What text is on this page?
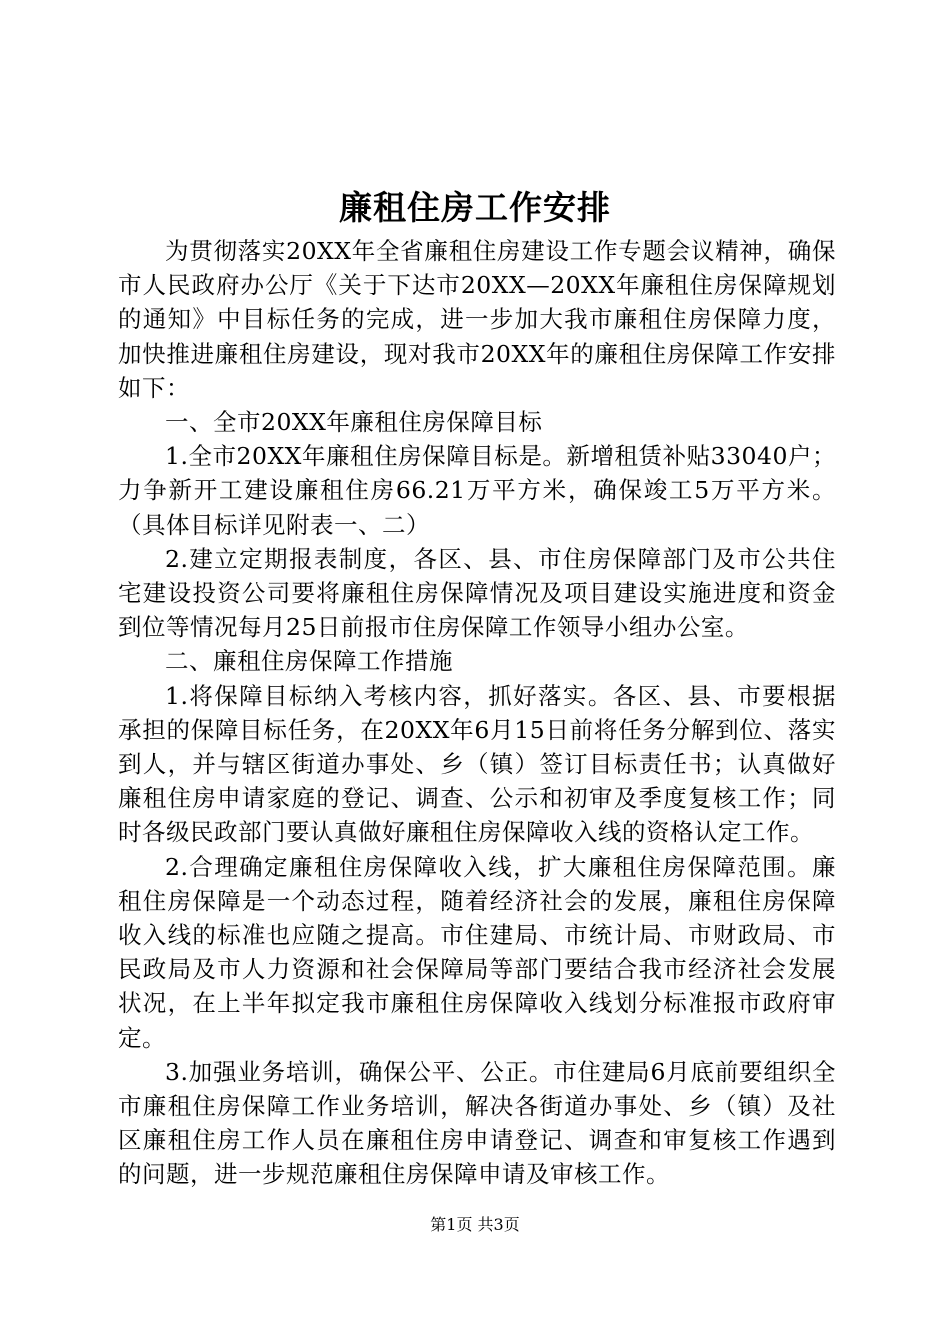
廉租住房工作安排

为贯彻落实20XX年全省廉租住房建设工作专题会议精神，确保市人民政府办公厅《关于下达市20XX—20XX年廉租住房保障规划的通知》中目标任务的完成，进一步加大我市廉租住房保障力度，加快推进廉租住房建设，现对我市20XX年的廉租住房保障工作安排如下：

一、全市20XX年廉租住房保障目标

1.全市20XX年廉租住房保障目标是。新增租赁补贴33040户；力争新开工建设廉租住房66.21万平方米，确保竣工5万平方米。（具体目标详见附表一、二）

2.建立定期报表制度，各区、县、市住房保障部门及市公共住宅建设投资公司要将廉租住房保障情况及项目建设实施进度和资金到位等情况每月25日前报市住房保障工作领导小组办公室。

二、廉租住房保障工作措施

1.将保障目标纳入考核内容，抓好落实。各区、县、市要根据承担的保障目标任务，在20XX年6月15日前将任务分解到位、落实到人，并与辖区街道办事处、乡（镇）签订目标责任书；认真做好廉租住房申请家庭的登记、调查、公示和初审及季度复核工作；同时各级民政部门要认真做好廉租住房保障收入线的资格认定工作。

2.合理确定廉租住房保障收入线，扩大廉租住房保障范围。廉租住房保障是一个动态过程，随着经济社会的发展，廉租住房保障收入线的标准也应随之提高。市住建局、市统计局、市财政局、市民政局及市人力资源和社会保障局等部门要结合我市经济社会发展状况，在上半年拟定我市廉租住房保障收入线划分标准报市政府审定。

3.加强业务培训，确保公平、公正。市住建局6月底前要组织全市廉租住房保障工作业务培训，解决各街道办事处、乡（镇）及社区廉租住房工作人员在廉租住房申请登记、调查和审复核工作遇到的问题，进一步规范廉租住房保障申请及审核工作。

第1页 共3页
